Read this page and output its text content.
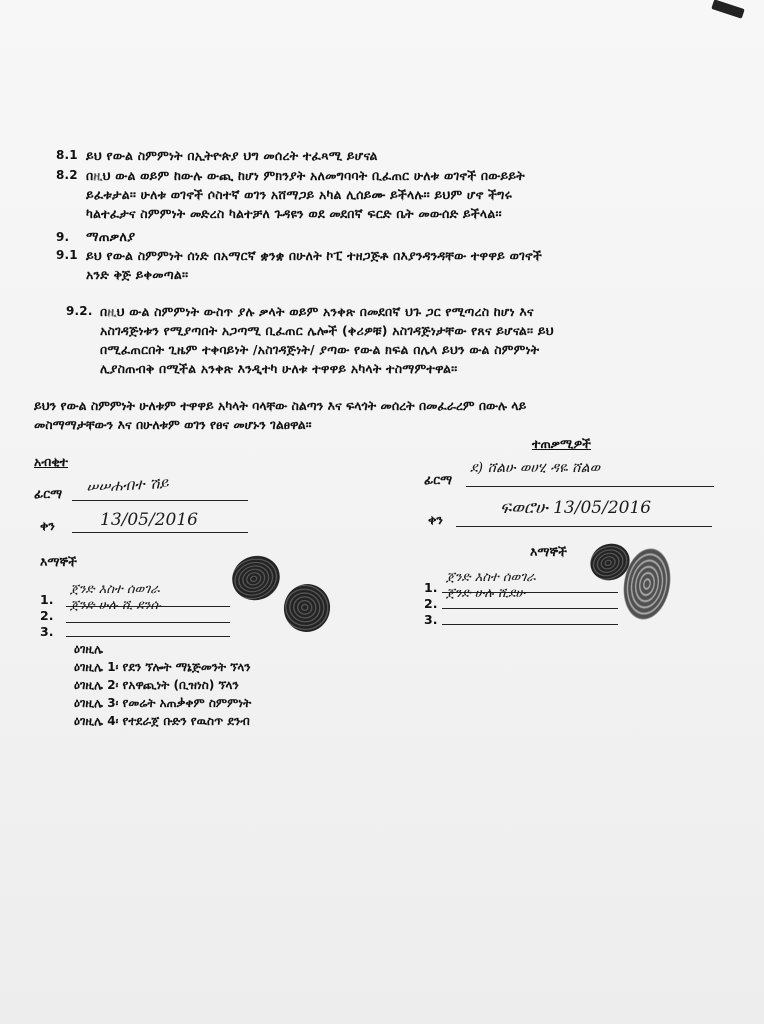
8.1 ይህ የውል ስምምነት በኢትዮጵያ ህግ መሰረት ተፈጻሚ ይሆናል
8.2 በዚህ ውል ወይም ከውሉ ውጪ ከሆነ ምክንያት አለመግባባት ቢፈጠር ሁለቱ ወገኖች በውይይት
ይፈቱታል፡፡ ሁለቱ ወገኖች ሶስተኛ ወገን አሸማጋይ አካል ሊሰይሙ ይችላሉ፡፡ ይህም ሆኖ ችግሩ
ካልተፈታና ስምምነት መድረስ ካልተቻለ ጉዳዩን ወደ መደበኛ ፍርድ ቤት መውሰድ ይችላል፡፡
9.	ማጠቃለያ
9.1 ይህ የውል ስምምነት ሰነድ በአማርኛ ቋንቋ በሁለት ኮፒ ተዘጋጅቶ በእያንዳንዳቸው ተዋዋይ ወገኖች
አንድ ቅጅ ይቀመጣል፡፡
9.2. በዚህ ውል ስምምነት ውስጥ ያሉ ቃላት ወይም አንቀጽ በመደበኛ ህጉ ጋር የሚጣረስ ከሆነ እና
አስገዳጅነቱን የሚያጣበት አጋጣሚ ቢፈጠር ሌሎች (ቀሪዎቹ) አስገዳጅነታቸው የጸና ይሆናል፡፡ ይህ
በሚፈጠርበት ጊዜም ተቀባይነት /አስገዳጅነት/ ያጣው የውል ክፍል በሌላ ይህን ውል ስምምነት
ሊያስጠብቅ በሚችል አንቀጽ እንዲተካ ሁለቱ ተዋዋይ አካላት ተስማምተዋል፡፡
ይህን የውል ስምምነት ሁለቱም ተዋዋይ አካላት ባላቸው ስልጣን እና ፍላጎት መሰረት በመፈራረም በውሉ ላይ
መስማማታቸውን እና በሁለቱም ወገን የፀና መሆኑን ገልፀዋል፡፡
አብቂተ
ፊርማ ሠሠሐብተ ሽይ
ቀን	13/05/2016
እማኞች
1.
ጀንድ እስተ ሰወገራ
2.
ጀንድ ሁሉ ሺ ደንሱ
3.
ዕገዚሌ
ዕገዚሌ 1፡ የደን ኘሎት ማኔጅመንት ኘላን
ዕገዚሌ 2፡ የአዋጪነት (ቢዝነስ) ኘላን
ዕገዚሌ 3፡ የመሬት አጠቃቀም ስምምነት
ዕገዚሌ 4፡ የተደራጀ ቡድን የዉስጥ ደንብ
ተጠቃሚዎች
ፊርማ
ደ) ሸልሁ ወሀሂ ዳዬ ሸልወ
ቀን
ፍወሮሁ 13/05/2016
እማኞች
1.
ጀንድ እስተ ሰወገራ
2.
ጀንድ ሁሉ ሺደሁ
3.
